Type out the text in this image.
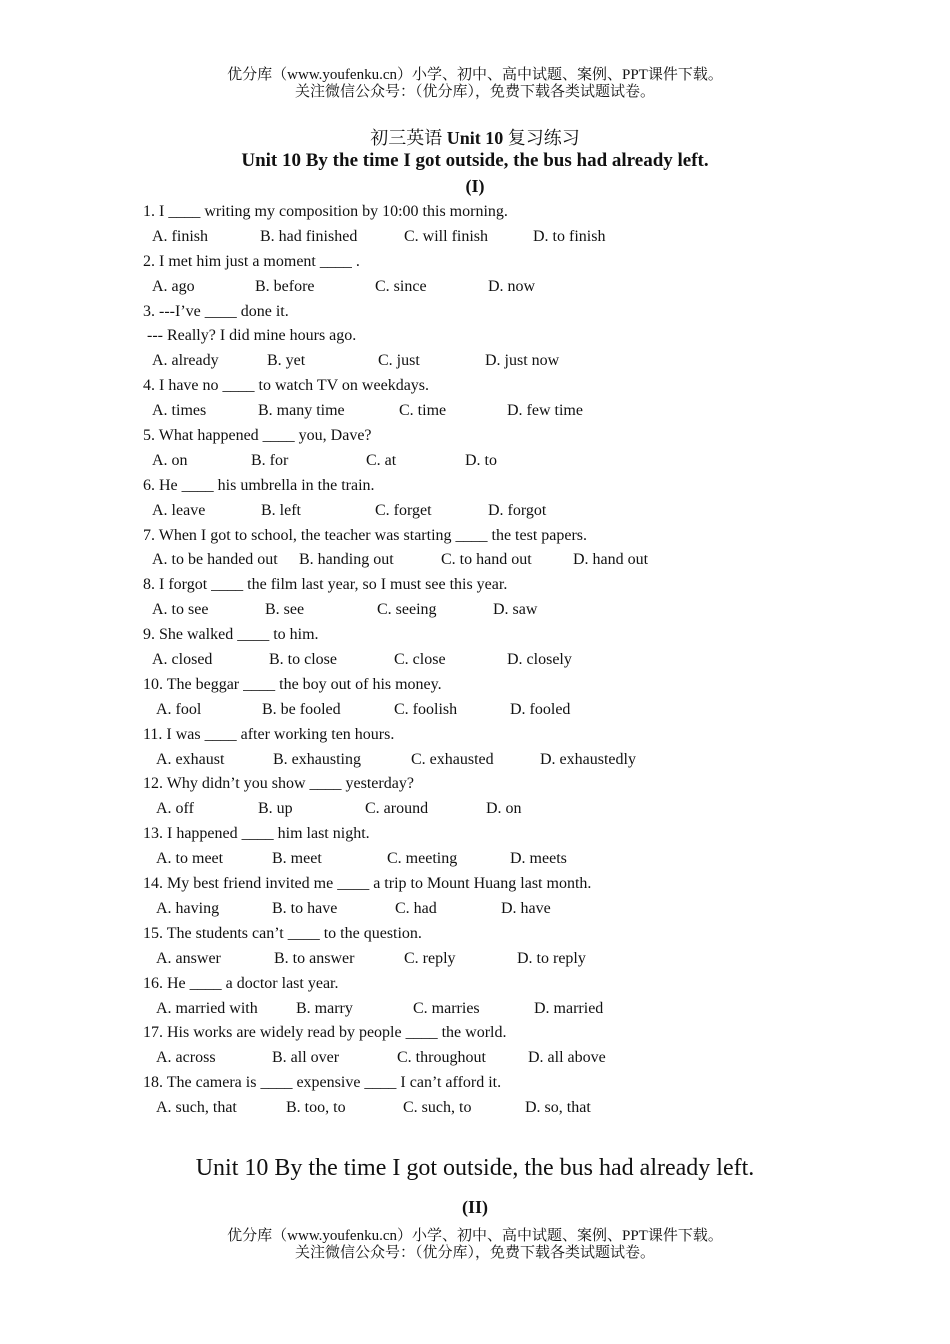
优分库（www.youfenku.cn）小学、初中、高中试题、案例、PPT课件下载。
关注微信公众号：（优分库），免费下载各类试题试卷。
初三英语 Unit 10 复习练习
Unit 10 By the time I got outside, the bus had already left.
(I)
1. I ____ writing my composition by 10:00 this morning.
A. finish	B. had finished	C. will finish	D. to finish
2. I met him just a moment ____ .
A. ago	B. before	C. since	D. now
3. ---I’ve ____ done it.
--- Really? I did mine hours ago.
A. already	B. yet	C. just	D. just now
4. I have no ____ to watch TV on weekdays.
A. times	B. many time	C. time	D. few time
5. What happened ____ you, Dave?
A. on	B. for	C. at	D. to
6. He ____ his umbrella in the train.
A. leave	B. left	C. forget	D. forgot
7. When I got to school, the teacher was starting ____ the test papers.
A. to be handed out B. handing out	C. to hand out	D. hand out
8. I forgot ____ the film last year, so I must see this year.
A. to see	B. see	C. seeing	D. saw
9. She walked ____ to him.
A. closed	B. to close	C. close	D. closely
10. The beggar ____ the boy out of his money.
A. fool	B. be fooled	C. foolish	D. fooled
11. I was ____ after working ten hours.
A. exhaust	B. exhausting	C. exhausted	D. exhaustedly
12. Why didn’t you show ____ yesterday?
A. off	B. up	C. around	D. on
13. I happened ____ him last night.
A. to meet	B. meet	C. meeting	D. meets
14. My best friend invited me ____ a trip to Mount Huang last month.
A. having	B. to have	C. had	D. have
15. The students can’t ____ to the question.
A. answer	B. to answer	C. reply	D. to reply
16. He ____ a doctor last year.
A. married with B. marry	C. marries	D. married
17. His works are widely read by people ____ the world.
A. across	B. all over	C. throughout	D. all above
18. The camera is ____ expensive ____ I can’t afford it.
A. such, that	B. too, to	C. such, to	D. so, that
Unit 10 By the time I got outside, the bus had already left.
(II)
优分库（www.youfenku.cn）小学、初中、高中试题、案例、PPT课件下载。
关注微信公众号：（优分库），免费下载各类试题试卷。
